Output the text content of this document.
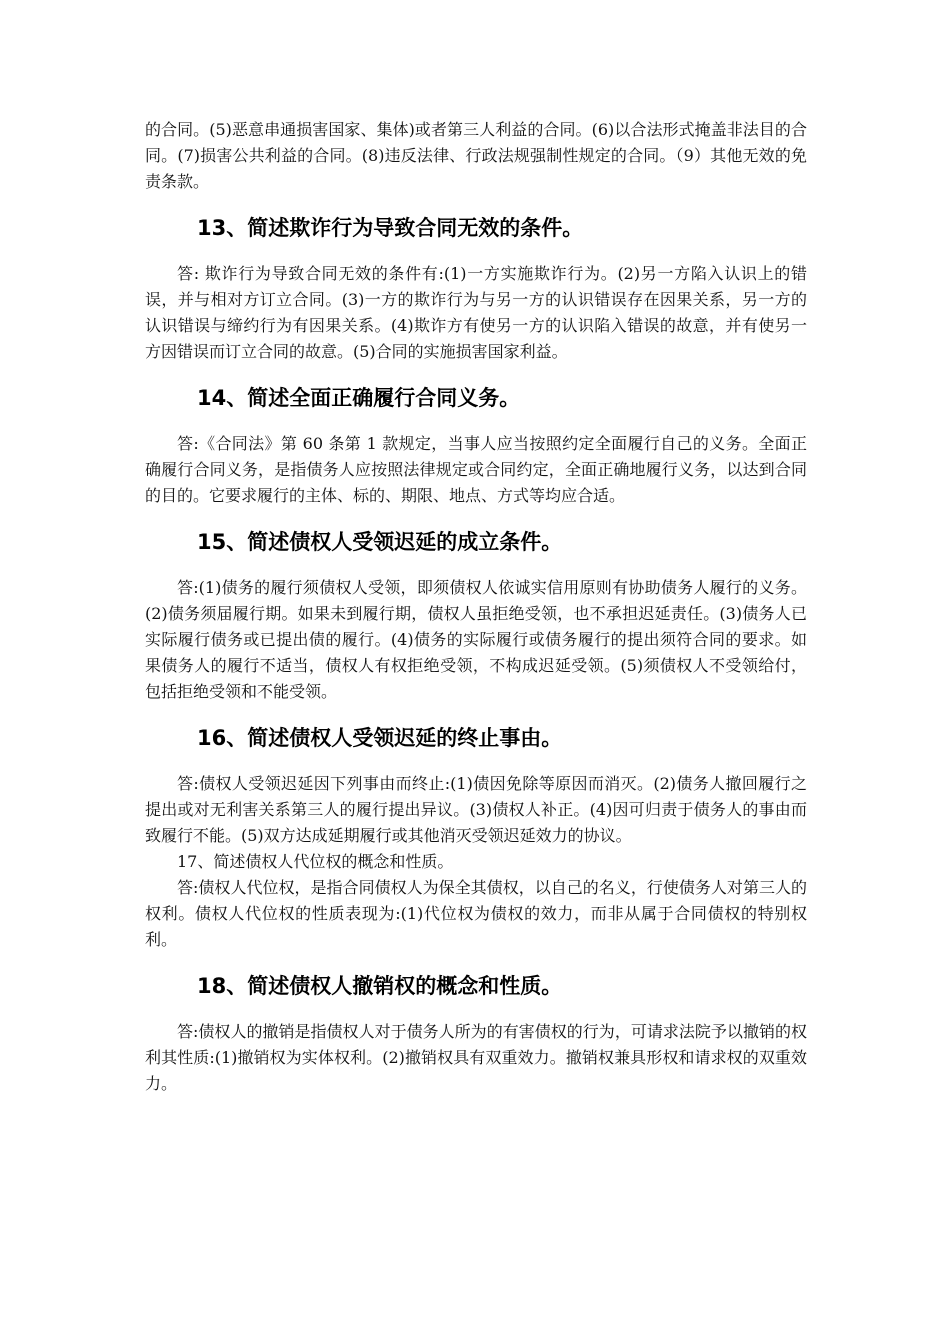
的合同。(5)恶意串通损害国家、集体)或者第三人利益的合同。(6)以合法形式掩盖非法目的合同。(7)损害公共利益的合同。(8)违反法律、行政法规强制性规定的合同。（9）其他无效的免责条款。

13、简述欺诈行为导致合同无效的条件。

答: 欺诈行为导致合同无效的条件有:(1)一方实施欺诈行为。(2)另一方陷入认识上的错误，并与相对方订立合同。(3)一方的欺诈行为与另一方的认识错误存在因果关系，另一方的认识错误与缔约行为有因果关系。(4)欺诈方有使另一方的认识陷入错误的故意，并有使另一方因错误而订立合同的故意。(5)合同的实施损害国家利益。

14、简述全面正确履行合同义务。

答:《合同法》第 60 条第 1 款规定，当事人应当按照约定全面履行自己的义务。全面正确履行合同义务，是指债务人应按照法律规定或合同约定，全面正确地履行义务，以达到合同的目的。它要求履行的主体、标的、期限、地点、方式等均应合适。

15、简述债权人受领迟延的成立条件。

答:(1)债务的履行须债权人受领，即须债权人依诚实信用原则有协助债务人履行的义务。(2)债务须届履行期。如果未到履行期，债权人虽拒绝受领，也不承担迟延责任。(3)债务人已实际履行债务或已提出债的履行。(4)债务的实际履行或债务履行的提出须符合同的要求。如果债务人的履行不适当，债权人有权拒绝受领，不构成迟延受领。(5)须债权人不受领给付，包括拒绝受领和不能受领。

16、简述债权人受领迟延的终止事由。

答:债权人受领迟延因下列事由而终止:(1)债因免除等原因而消灭。(2)债务人撤回履行之提出或对无利害关系第三人的履行提出异议。(3)债权人补正。(4)因可归责于债务人的事由而致履行不能。(5)双方达成延期履行或其他消灭受领迟延效力的协议。

17、简述债权人代位权的概念和性质。

答:债权人代位权，是指合同债权人为保全其债权，以自己的名义，行使债务人对第三人的权利。债权人代位权的性质表现为:(1)代位权为债权的效力，而非从属于合同债权的特别权利。

18、简述债权人撤销权的概念和性质。

答:债权人的撤销是指债权人对于债务人所为的有害债权的行为，可请求法院予以撤销的权利其性质:(1)撤销权为实体权利。(2)撤销权具有双重效力。撤销权兼具形权和请求权的双重效力。
